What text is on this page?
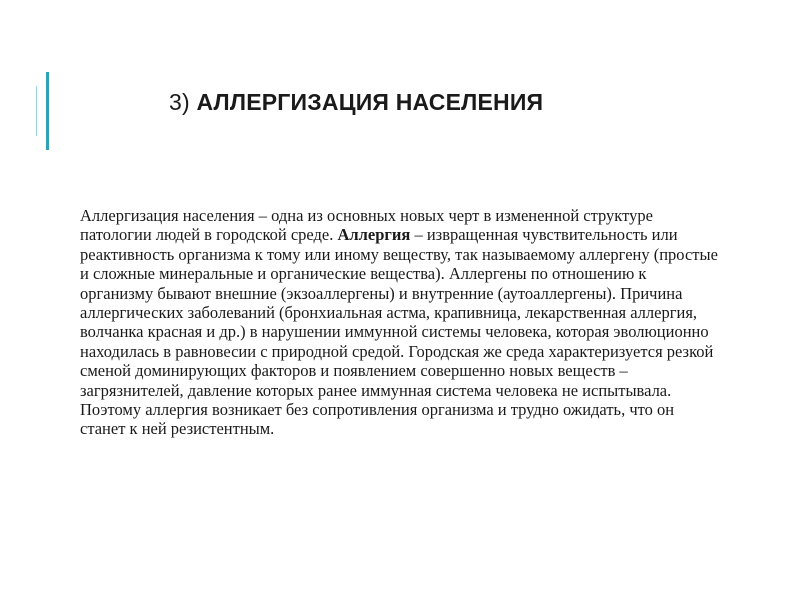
3) АЛЛЕРГИЗАЦИЯ НАСЕЛЕНИЯ

Аллергизация населения – одна из основных новых черт в измененной структуре патологии людей в городской среде. Аллергия – извращенная чувствительность или реактивность организма к тому или иному веществу, так называемому аллергену (простые и сложные минеральные и органические вещества). Аллергены по отношению к организму бывают внешние (экзоаллергены) и внутренние (аутоаллергены). Причина аллергических заболеваний (бронхиальная астма, крапивница, лекарственная аллергия, волчанка красная и др.) в нарушении иммунной системы человека, которая эволюционно находилась в равновесии с природной средой. Городская же среда характеризуется резкой сменой доминирующих факторов и появлением совершенно новых веществ – загрязнителей, давление которых ранее иммунная система человека не испытывала. Поэтому аллергия возникает без сопротивления организма и трудно ожидать, что он станет к ней резистентным.
